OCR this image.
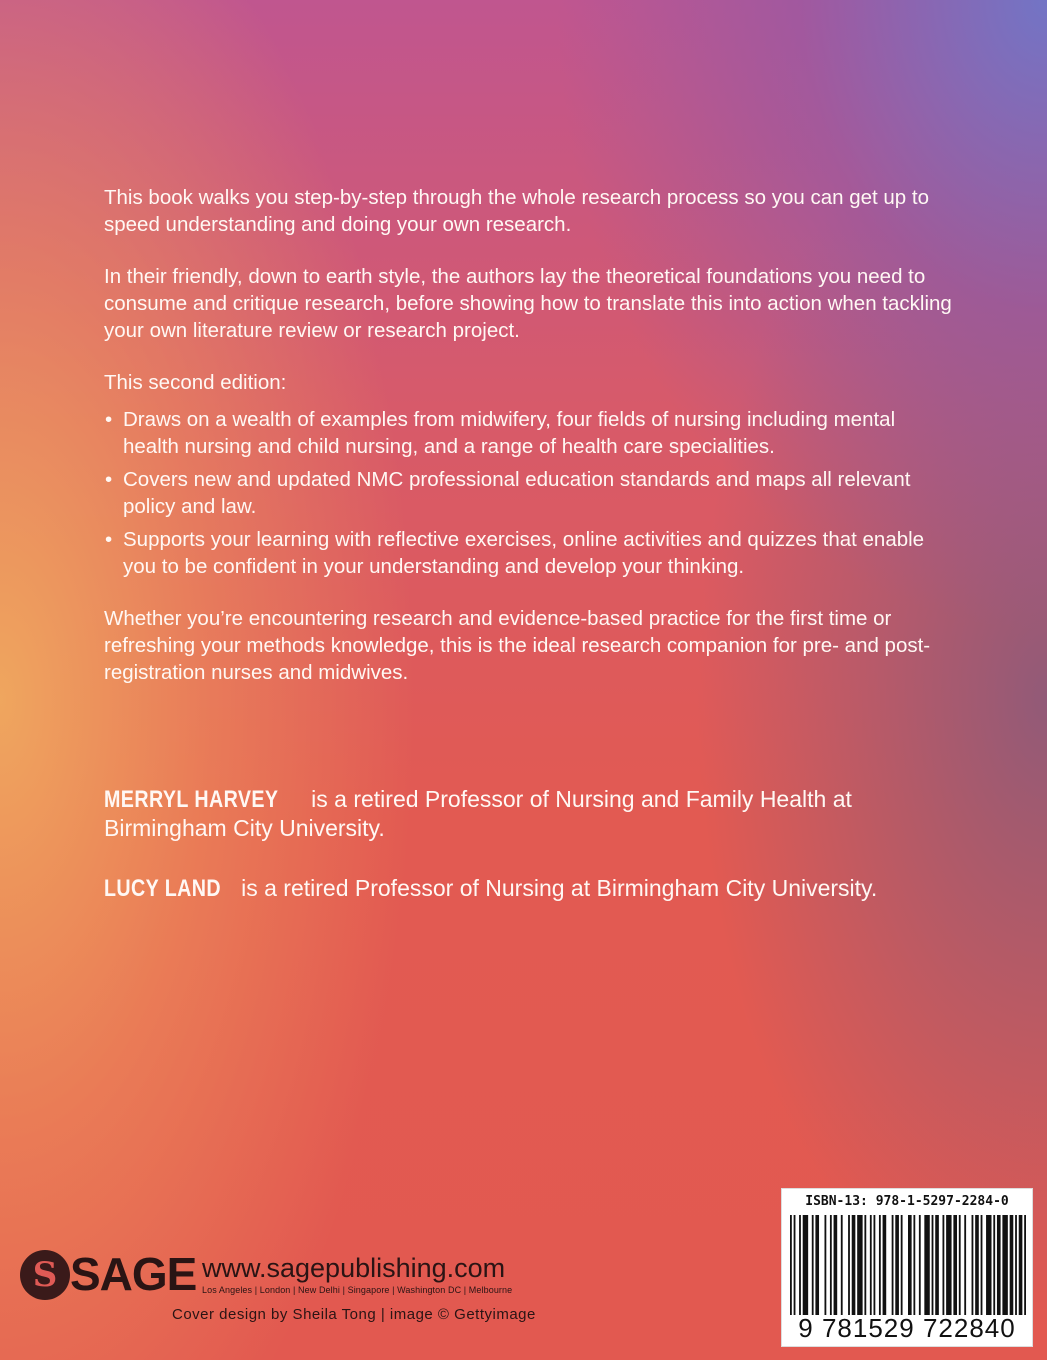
This book walks you step-by-step through the whole research process so you can get up to speed understanding and doing your own research.

In their friendly, down to earth style, the authors lay the theoretical foundations you need to consume and critique research, before showing how to translate this into action when tackling your own literature review or research project.

This second edition:

• Draws on a wealth of examples from midwifery, four fields of nursing including mental health nursing and child nursing, and a range of health care specialities.
• Covers new and updated NMC professional education standards and maps all relevant policy and law.
• Supports your learning with reflective exercises, online activities and quizzes that enable you to be confident in your understanding and develop your thinking.

Whether you’re encountering research and evidence-based practice for the first time or refreshing your methods knowledge, this is the ideal research companion for pre- and post- registration nurses and midwives.

MERRYL HARVEY is a retired Professor of Nursing and Family Health at Birmingham City University.

LUCY LAND is a retired Professor of Nursing at Birmingham City University.

S SAGE www.sagepublishing.com
Los Angeles | London | New Delhi | Singapore | Washington DC | Melbourne
Cover design by Sheila Tong | image © Gettyimage
ISBN-13: 978-1-5297-2284-0
9 781529 722840
